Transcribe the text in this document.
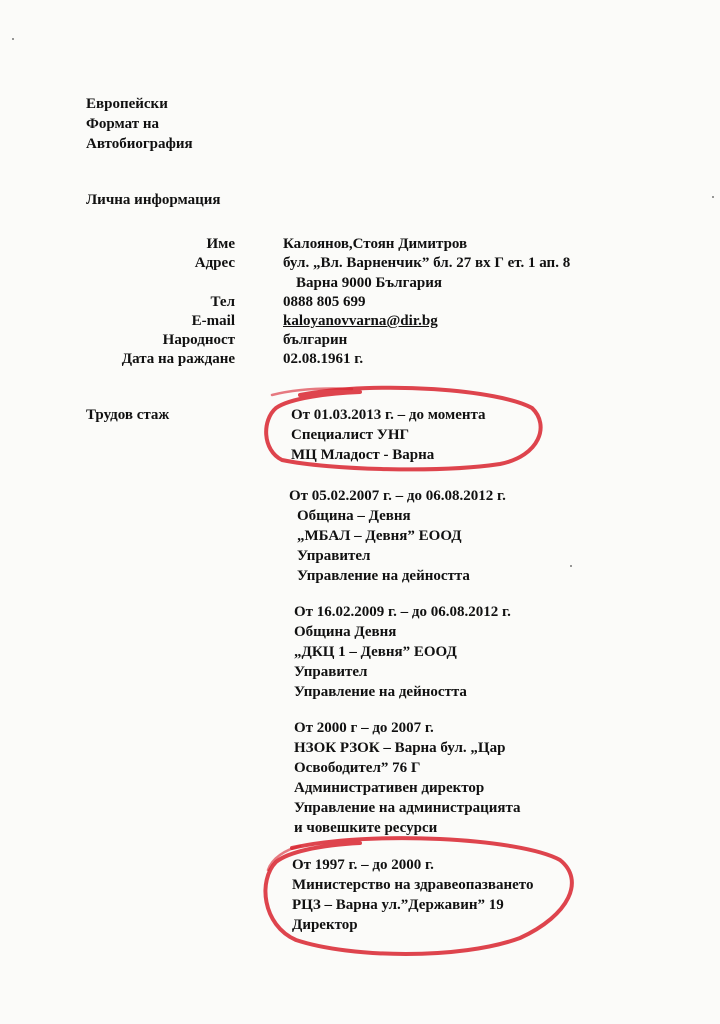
Европейски
Формат на
Автобиография
Лична информация
Име	Калоянов,Стоян Димитров
Адрес	бул. „Вл. Варненчик” бл. 27 вх Г ет. 1 ап. 8
Варна 9000 България
Тел	0888 805 699
E-mail	kaloyanovvarna@dir.bg
Народност	българин
Дата на раждане	02.08.1961 г.
Трудов стаж	От 01.03.2013 г. – до момента
Специалист УНГ
МЦ Младост - Варна
От 05.02.2007 г. – до 06.08.2012 г.
Община – Девня
„МБАЛ – Девня” ЕООД
Управител
Управление на дейността
От 16.02.2009 г. – до 06.08.2012 г.
Община Девня
„ДКЦ 1 – Девня” ЕООД
Управител
Управление на дейността
От 2000 г – до 2007 г.
НЗОК РЗОК – Варна бул. „Цар
Освободител” 76 Г
Административен директор
Управление на администрацията
и човешките ресурси
От 1997 г. – до 2000 г.
Министерство на здравеопазването
РЦЗ – Варна ул.”Державин” 19
Директор
